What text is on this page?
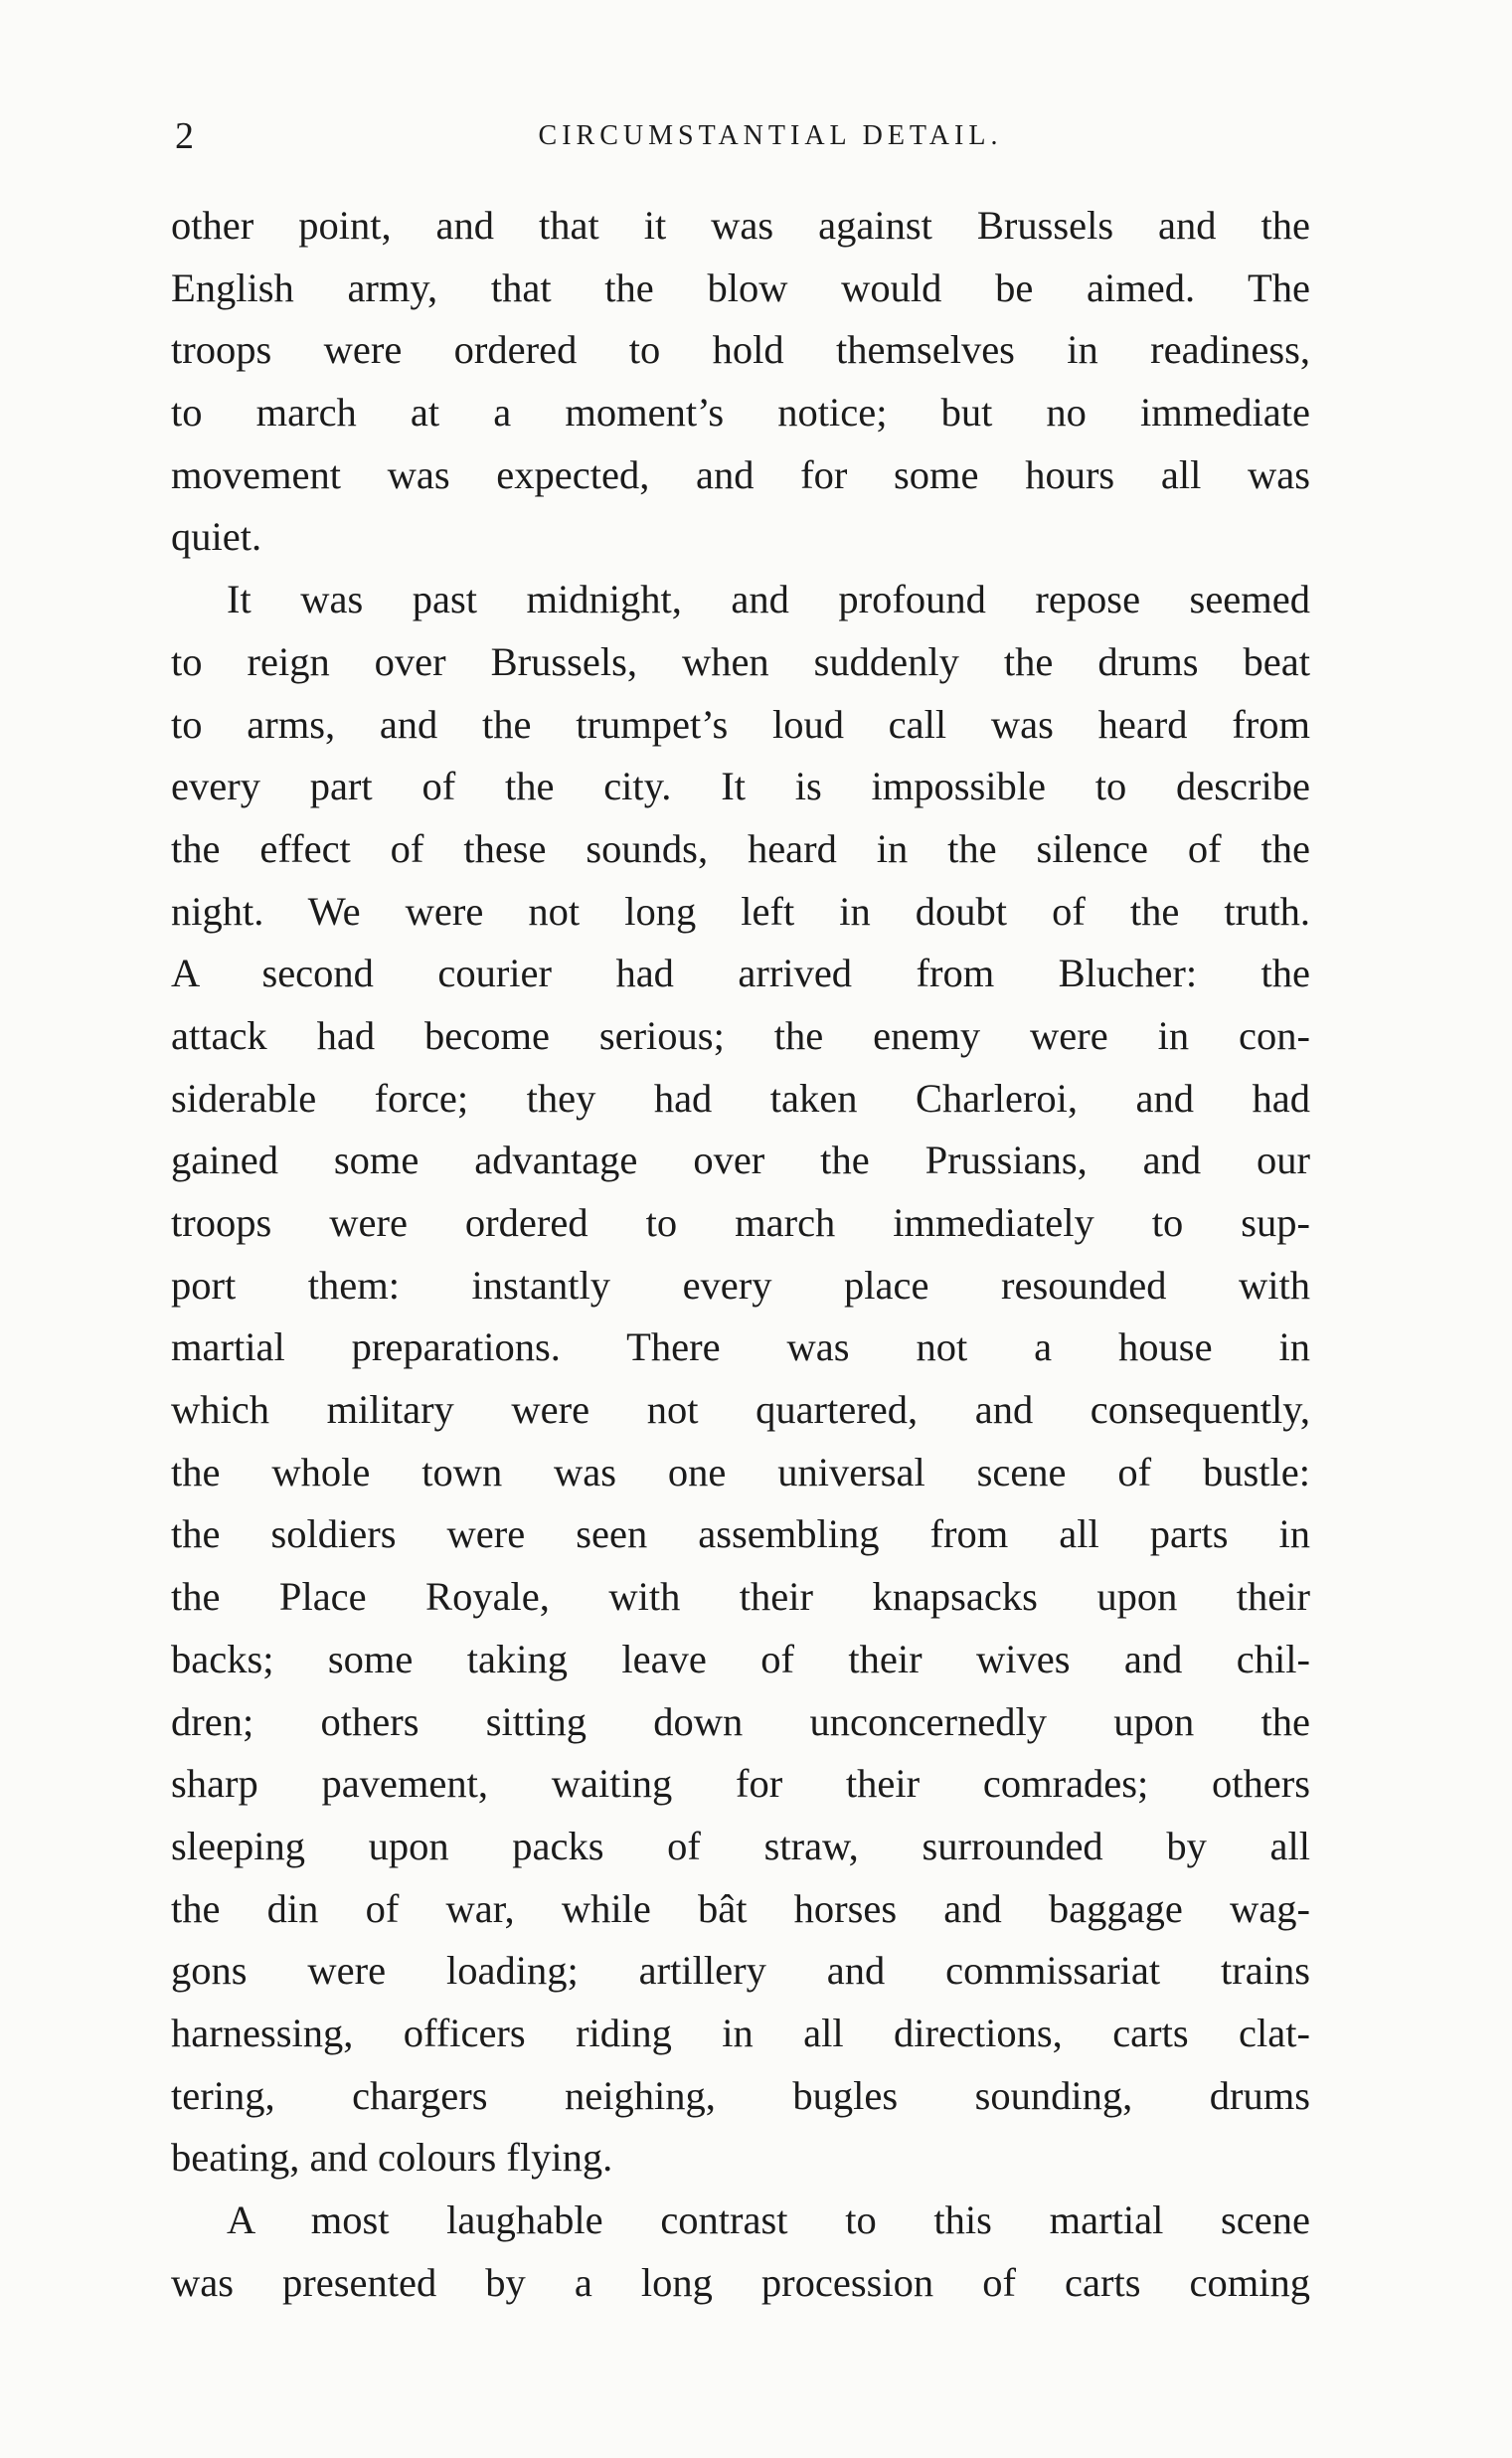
2	CIRCUMSTANTIAL DETAIL.
other point, and that it was against Brussels and the
English army, that the blow would be aimed. The
troops were ordered to hold themselves in readiness,
to march at a moment’s notice; but no immediate
movement was expected, and for some hours all was
quiet.
It was past midnight, and profound repose seemed
to reign over Brussels, when suddenly the drums beat
to arms, and the trumpet’s loud call was heard from
every part of the city. It is impossible to describe
the effect of these sounds, heard in the silence of the
night. We were not long left in doubt of the truth.
A second courier had arrived from Blucher: the
attack had become serious; the enemy were in con-
siderable force; they had taken Charleroi, and had
gained some advantage over the Prussians, and our
troops were ordered to march immediately to sup-
port them: instantly every place resounded with
martial preparations. There was not a house in
which military were not quartered, and consequently,
the whole town was one universal scene of bustle:
the soldiers were seen assembling from all parts in
the Place Royale, with their knapsacks upon their
backs; some taking leave of their wives and chil-
dren; others sitting down unconcernedly upon the
sharp pavement, waiting for their comrades; others
sleeping upon packs of straw, surrounded by all
the din of war, while bât horses and baggage wag-
gons were loading; artillery and commissariat trains
harnessing, officers riding in all directions, carts clat-
tering, chargers neighing, bugles sounding, drums
beating, and colours flying.
A most laughable contrast to this martial scene
was presented by a long procession of carts coming
